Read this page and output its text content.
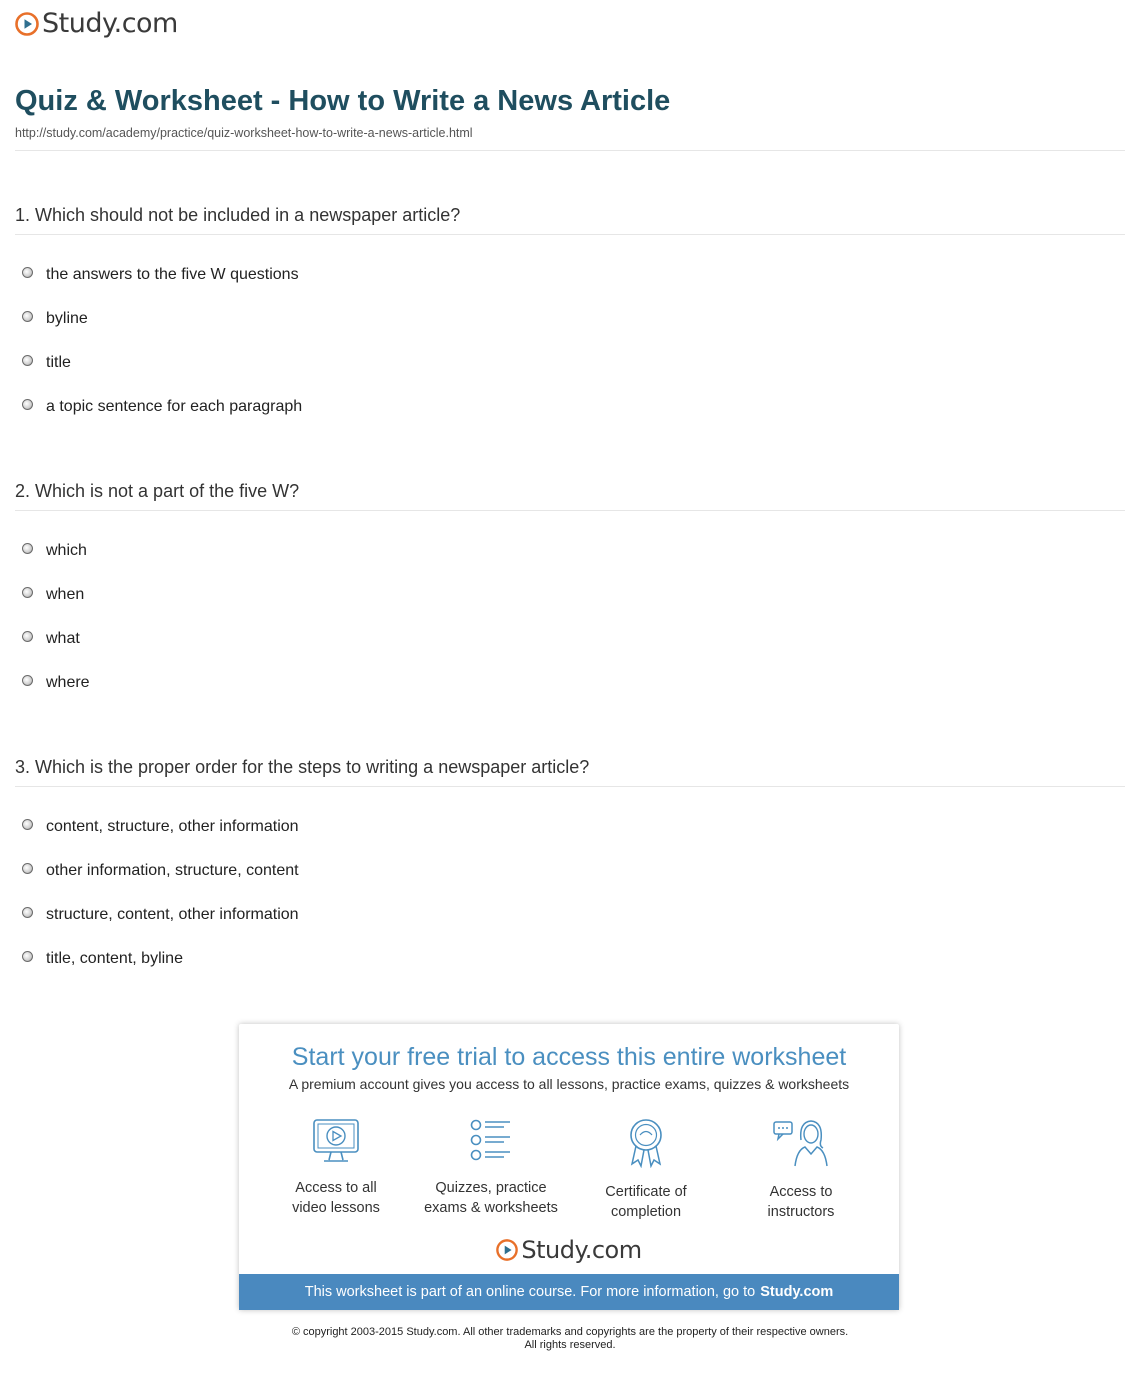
Study.com
Quiz & Worksheet - How to Write a News Article
http://study.com/academy/practice/quiz-worksheet-how-to-write-a-news-article.html
1. Which should not be included in a newspaper article?
the answers to the five W questions
byline
title
a topic sentence for each paragraph
2. Which is not a part of the five W?
which
when
what
where
3. Which is the proper order for the steps to writing a newspaper article?
content, structure, other information
other information, structure, content
structure, content, other information
title, content, byline
Start your free trial to access this entire worksheet
A premium account gives you access to all lessons, practice exams, quizzes & worksheets
Access to all
video lessons
Quizzes, practice
exams & worksheets
Certificate of
completion
Access to
instructors
Study.com
This worksheet is part of an online course. For more information, go to Study.com
© copyright 2003-2015 Study.com. All other trademarks and copyrights are the property of their respective owners.
All rights reserved.
